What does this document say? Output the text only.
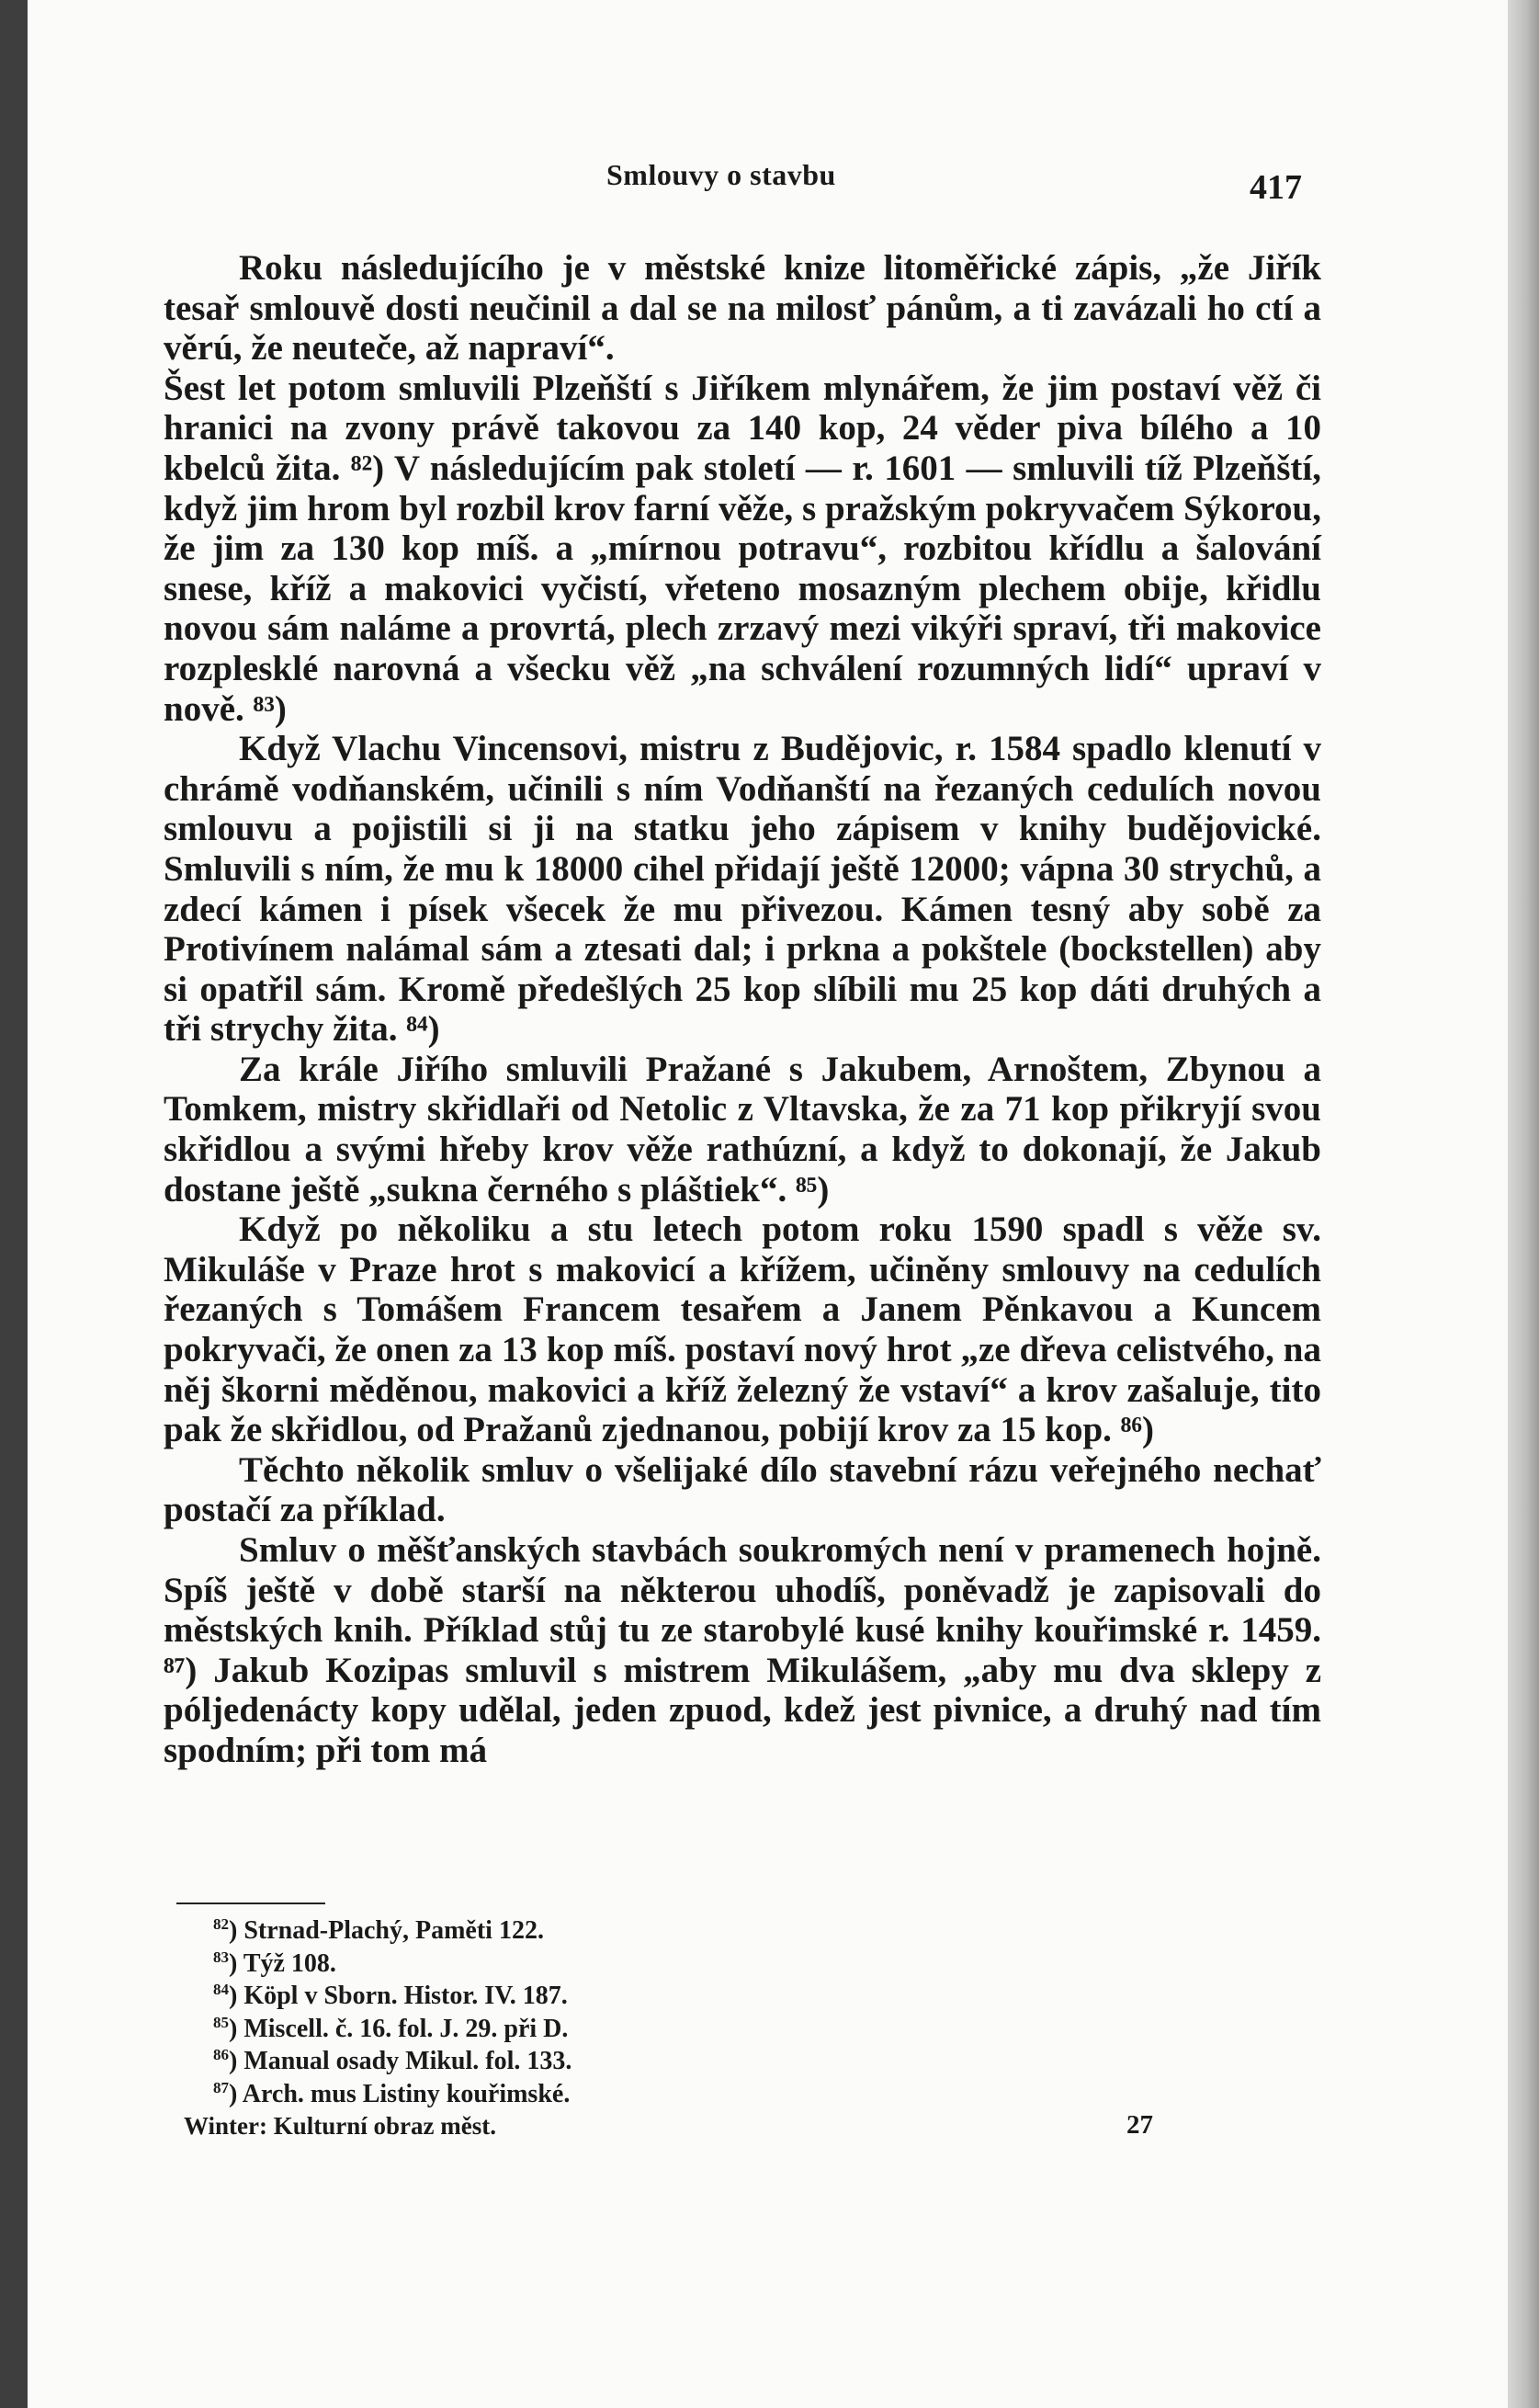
Smlouvy o stavbu	417

Roku následujícího je v městské knize litoměřické zápis, „že Jiřík tesař smlouvě dosti neučinil a dal se na milosť pánům, a ti zavázali ho ctí a věrú, že neuteče, až napraví“.

Šest let potom smluvili Plzeňští s Jiříkem mlynářem, že jim postaví věž či hranici na zvony právě takovou za 140 kop, 24 věder piva bílého a 10 kbelců žita. ⁸²) V následujícím pak století — r. 1601 — smluvili tíž Plzeňští, když jim hrom byl rozbil krov farní věže, s pražským pokryvačem Sýkorou, že jim za 130 kop míš. a „mírnou potravu“, rozbitou křídlu a šalování snese, kříž a makovici vyčistí, vřeteno mosazným plechem obije, křidlu novou sám naláme a provrtá, plech zrzavý mezi vikýři spraví, tři makovice rozplesklé narovná a všecku věž „na schválení rozumných lidí“ upraví v nově. ⁸³)

Když Vlachu Vincensovi, mistru z Budějovic, r. 1584 spadlo klenutí v chrámě vodňanském, učinili s ním Vodňanští na řezaných cedulích novou smlouvu a pojistili si ji na statku jeho zápisem v knihy budějovické. Smluvili s ním, že mu k 18000 cihel přidají ještě 12000; vápna 30 strychů, a zdecí kámen i písek všecek že mu přivezou. Kámen tesný aby sobě za Protivínem nalámal sám a ztesati dal; i prkna a pokštele (bockstellen) aby si opatřil sám. Kromě předešlých 25 kop slíbili mu 25 kop dáti druhých a tři strychy žita. ⁸⁴)

Za krále Jiřího smluvili Pražané s Jakubem, Arnoštem, Zbynou a Tomkem, mistry skřidlaři od Netolic z Vltavska, že za 71 kop přikryjí svou skřidlou a svými hřeby krov věže rathúzní, a když to dokonají, že Jakub dostane ještě „sukna černého s pláštiek“. ⁸⁵)

Když po několiku a stu letech potom roku 1590 spadl s věže sv. Mikuláše v Praze hrot s makovicí a křížem, učiněny smlouvy na cedulích řezaných s Tomášem Francem tesařem a Janem Pěnkavou a Kuncem pokryvači, že onen za 13 kop míš. postaví nový hrot „ze dřeva celistvého, na něj škorni měděnou, makovici a kříž železný že vstaví“ a krov zašaluje, tito pak že skřidlou, od Pražanů zjednanou, pobijí krov za 15 kop. ⁸⁶)

Těchto několik smluv o všelijaké dílo stavební rázu veřejného nechať postačí za příklad.

Smluv o měšťanských stavbách soukromých není v pramenech hojně. Spíš ještě v době starší na některou uhodíš, poněvadž je zapisovali do městských knih. Příklad stůj tu ze starobylé kusé knihy kouřimské r. 1459. ⁸⁷) Jakub Kozipas smluvil s mistrem Mikulášem, „aby mu dva sklepy z pólјedenácty kopy udělal, jeden zpuod, kdež jest pivnice, a druhý nad tím spodním; při tom má

$^{82}$) Strnad-Plachý, Paměti 122.
$^{83}$) Týž 108.
$^{84}$) Köpl v Sborn. Histor. IV. 187.
$^{85}$) Miscell. č. 16. fol. J. 29. při D.
$^{86}$) Manual osady Mikul. fol. 133.
$^{87}$) Arch. mus Listiny kouřimské.
Winter: Kulturní obraz měst.	27
